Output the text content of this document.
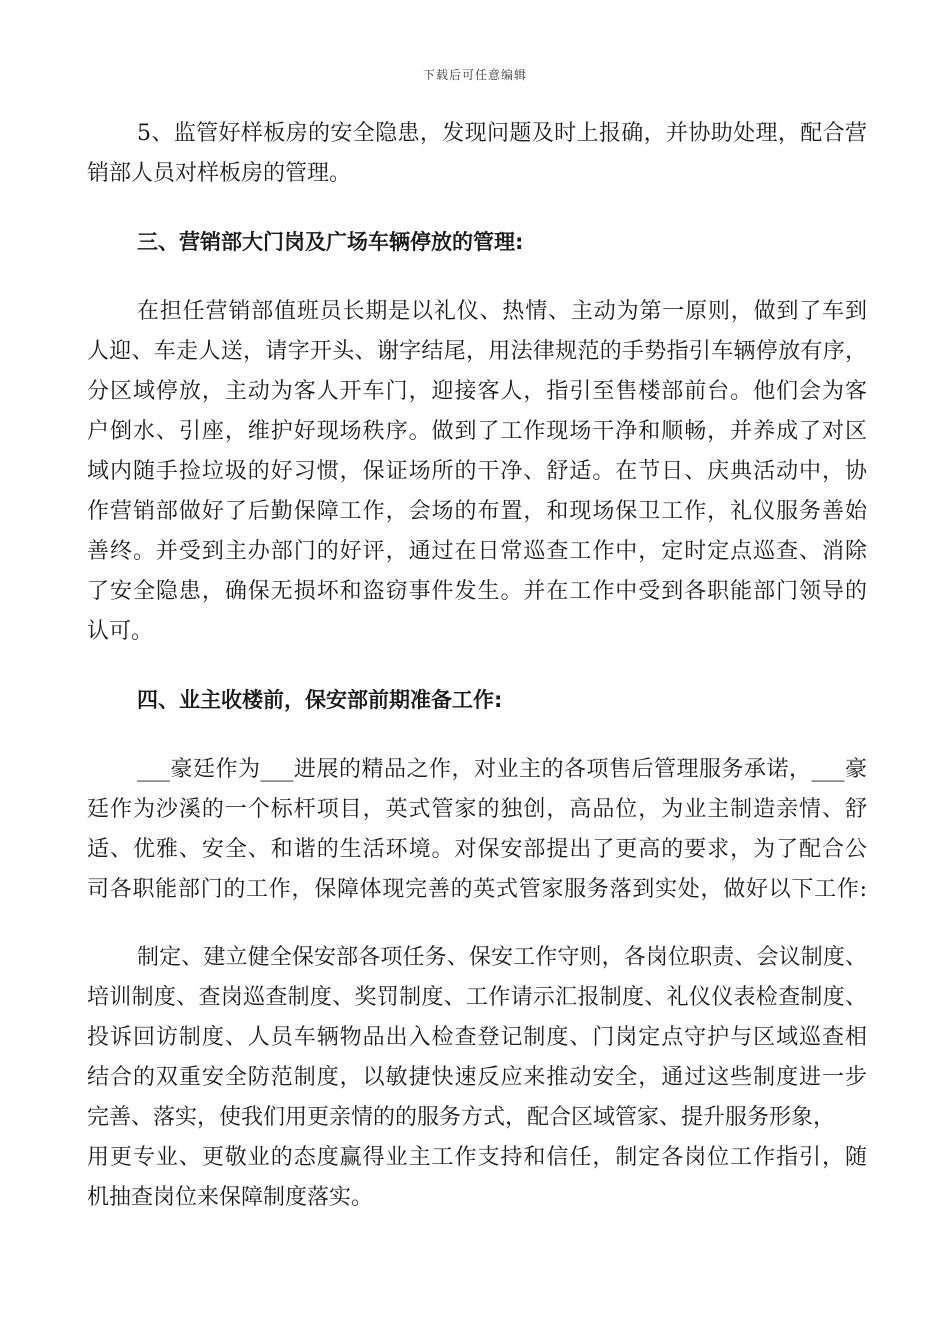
下载后可任意编辑
5、监管好样板房的安全隐患，发现问题及时上报确，并协助处理，配合营
销部人员对样板房的管理。
三、营销部大门岗及广场车辆停放的管理:
在担任营销部值班员长期是以礼仪、热情、主动为第一原则，做到了车到
人迎、车走人送，请字开头、谢字结尾，用法律规范的手势指引车辆停放有序，
分区域停放，主动为客人开车门，迎接客人，指引至售楼部前台。他们会为客
户倒水、引座，维护好现场秩序。做到了工作现场干净和顺畅，并养成了对区
域内随手捡垃圾的好习惯，保证场所的干净、舒适。在节日、庆典活动中，协
作营销部做好了后勤保障工作，会场的布置，和现场保卫工作，礼仪服务善始
善终。并受到主办部门的好评，通过在日常巡查工作中，定时定点巡查、消除
了安全隐患，确保无损坏和盗窃事件发生。并在工作中受到各职能部门领导的
认可。
四、业主收楼前，保安部前期准备工作:
___豪廷作为___进展的精品之作，对业主的各项售后管理服务承诺，___豪
廷作为沙溪的一个标杆项目，英式管家的独创，高品位，为业主制造亲情、舒
适、优雅、安全、和谐的生活环境。对保安部提出了更高的要求，为了配合公
司各职能部门的工作，保障体现完善的英式管家服务落到实处，做好以下工作:
制定、建立健全保安部各项任务、保安工作守则，各岗位职责、会议制度、
培训制度、查岗巡查制度、奖罚制度、工作请示汇报制度、礼仪仪表检查制度、
投诉回访制度、人员车辆物品出入检查登记制度、门岗定点守护与区域巡查相
结合的双重安全防范制度，以敏捷快速反应来推动安全，通过这些制度进一步
完善、落实，使我们用更亲情的的服务方式，配合区域管家、提升服务形象，
用更专业、更敬业的态度赢得业主工作支持和信任，制定各岗位工作指引，随
机抽查岗位来保障制度落实。
